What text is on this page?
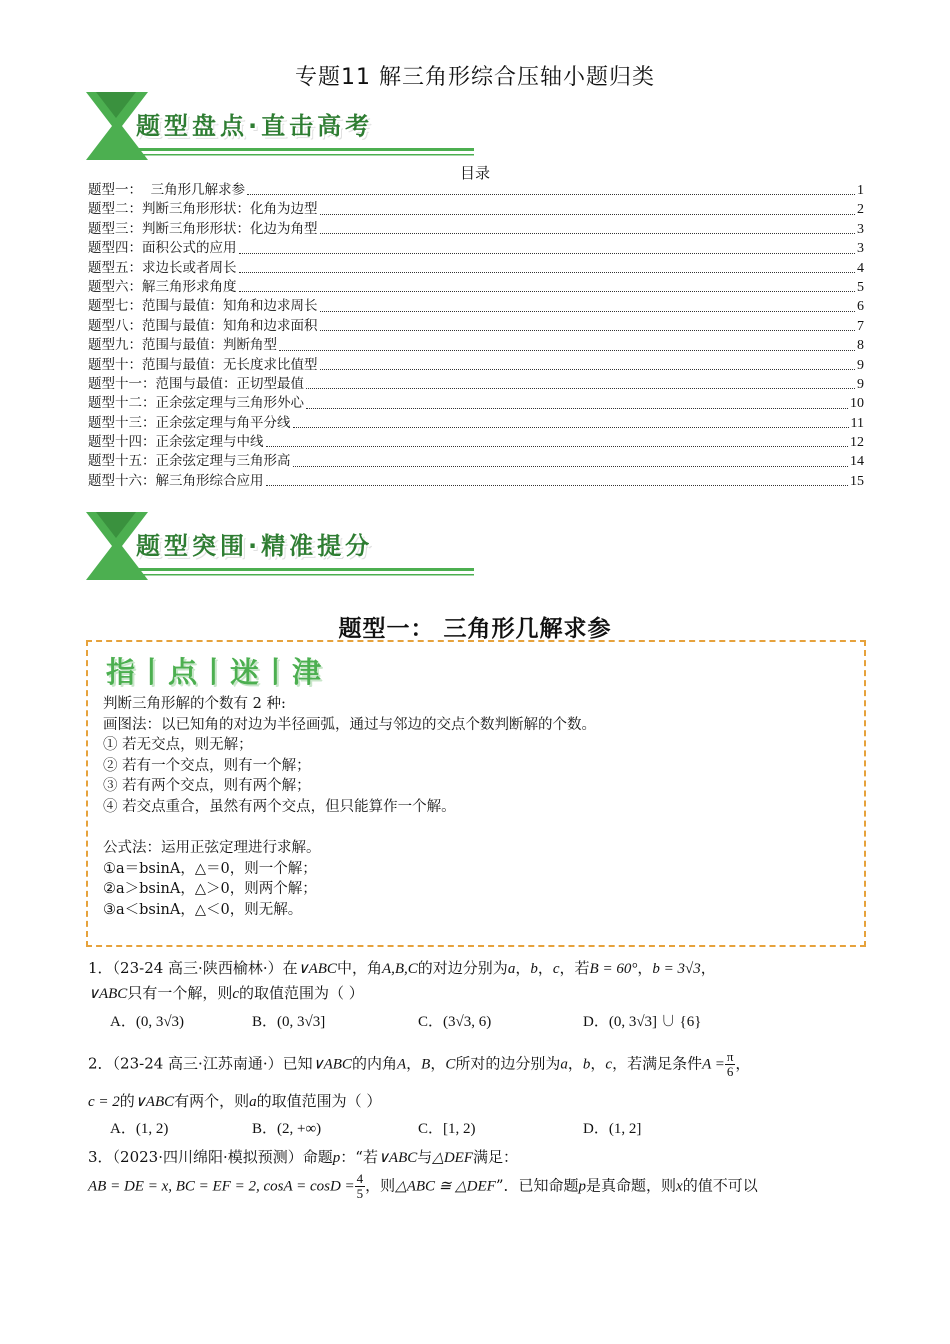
专题11 解三角形综合压轴小题归类
题型盘点·直击高考
目录
题型一：  三角形几解求参	1
题型二：判断三角形形状：化角为边型	2
题型三：判断三角形形状：化边为角型	3
题型四：面积公式的应用	3
题型五：求边长或者周长	4
题型六：解三角形求角度	5
题型七：范围与最值：知角和边求周长	6
题型八：范围与最值：知角和边求面积	7
题型九：范围与最值：判断角型	8
题型十：范围与最值：无长度求比值型	9
题型十一：范围与最值：正切型最值	9
题型十二：正余弦定理与三角形外心	10
题型十三：正余弦定理与角平分线	11
题型十四：正余弦定理与中线	12
题型十五：正余弦定理与三角形高	14
题型十六：解三角形综合应用	15
题型突围·精准提分
题型一： 三角形几解求参
指丨点丨迷丨津
判断三角形解的个数有 2 种:
画图法：以已知角的对边为半径画弧，通过与邻边的交点个数判断解的个数。
① 若无交点，则无解；
② 若有一个交点，则有一个解；
③ 若有两个交点，则有两个解；
④ 若交点重合，虽然有两个交点，但只能算作一个解。
公式法：运用正弦定理进行求解。
①a＝bsinA，△＝0，则一个解；
②a＞bsinA，△＞0，则两个解；
③a＜bsinA，△＜0，则无解。
1．（23-24 高三·陕西榆林·）在∨ABC中，角A,B,C的对边分别为a，b，c，若B = 60°，b = 3√3，
∨ABC只有一个解，则c的取值范围为（ ）
A．(0, 3√3)	B．(0, 3√3]	C．(3√3, 6)	D．(0, 3√3] ∪ {6}
2．（23-24 高三·江苏南通·）已知∨ABC的内角A，B，C所对的边分别为a，b，c，若满足条件$A = \frac{\pi}{6}$ ，
c = 2的∨ABC有两个，则a的取值范围为（ ）
A．(1, 2)	B．(2, +∞)	C．[1, 2)	D．(1, 2]
3．（2023·四川绵阳·模拟预测）命题p：“若∨ABC与△DEF满足：
AB = DE = x, BC = EF = 2, $\cos A = \cos D = \frac{4}{5}$ ，则△ABC ≅ △DEF”．已知命题p是真命题，则x的值不可以
